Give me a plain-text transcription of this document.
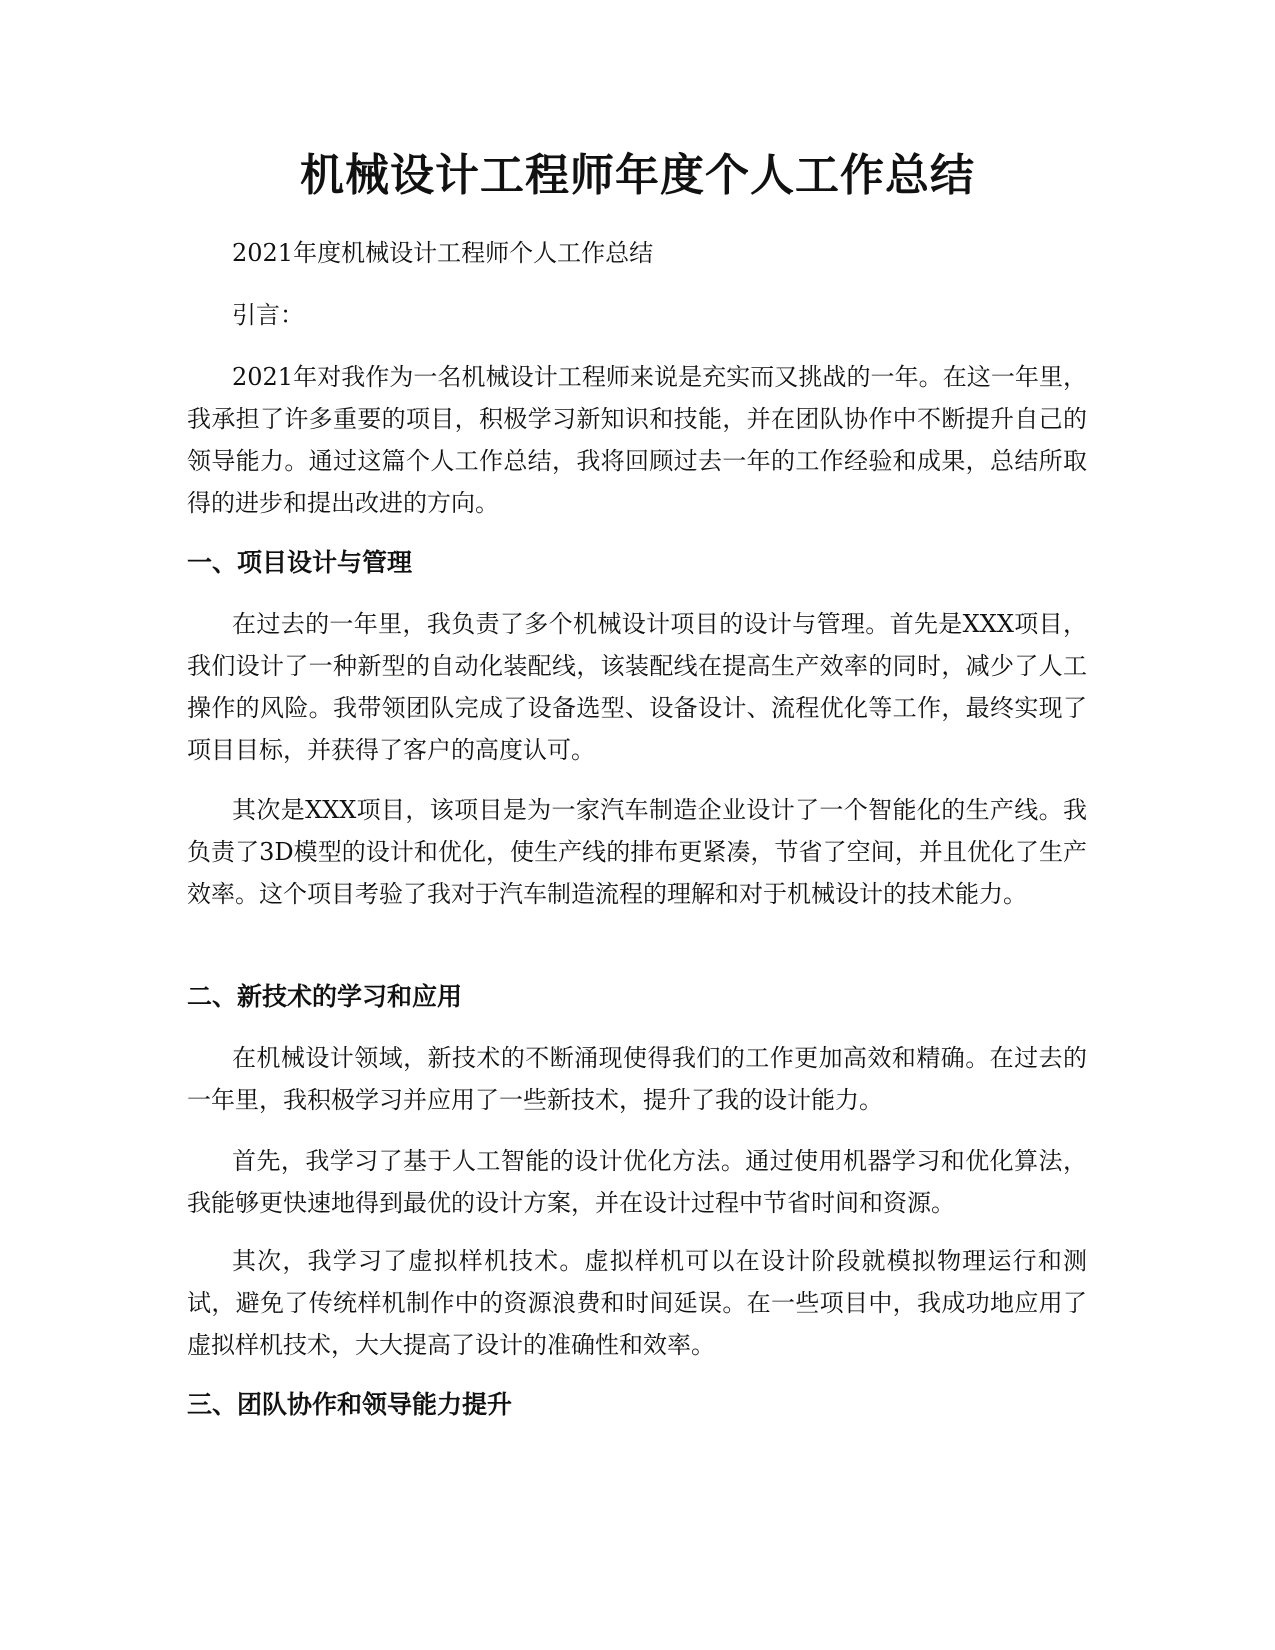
机械设计工程师年度个人工作总结

2021年度机械设计工程师个人工作总结

引言：

2021年对我作为一名机械设计工程师来说是充实而又挑战的一年。在这一年里，我承担了许多重要的项目，积极学习新知识和技能，并在团队协作中不断提升自己的领导能力。通过这篇个人工作总结，我将回顾过去一年的工作经验和成果，总结所取得的进步和提出改进的方向。

一、项目设计与管理

在过去的一年里，我负责了多个机械设计项目的设计与管理。首先是XXX项目，我们设计了一种新型的自动化装配线，该装配线在提高生产效率的同时，减少了人工操作的风险。我带领团队完成了设备选型、设备设计、流程优化等工作，最终实现了项目目标，并获得了客户的高度认可。

其次是XXX项目，该项目是为一家汽车制造企业设计了一个智能化的生产线。我负责了3D模型的设计和优化，使生产线的排布更紧凑，节省了空间，并且优化了生产效率。这个项目考验了我对于汽车制造流程的理解和对于机械设计的技术能力。

二、新技术的学习和应用

在机械设计领域，新技术的不断涌现使得我们的工作更加高效和精确。在过去的一年里，我积极学习并应用了一些新技术，提升了我的设计能力。

首先，我学习了基于人工智能的设计优化方法。通过使用机器学习和优化算法，我能够更快速地得到最优的设计方案，并在设计过程中节省时间和资源。

其次，我学习了虚拟样机技术。虚拟样机可以在设计阶段就模拟物理运行和测试，避免了传统样机制作中的资源浪费和时间延误。在一些项目中，我成功地应用了虚拟样机技术，大大提高了设计的准确性和效率。

三、团队协作和领导能力提升
